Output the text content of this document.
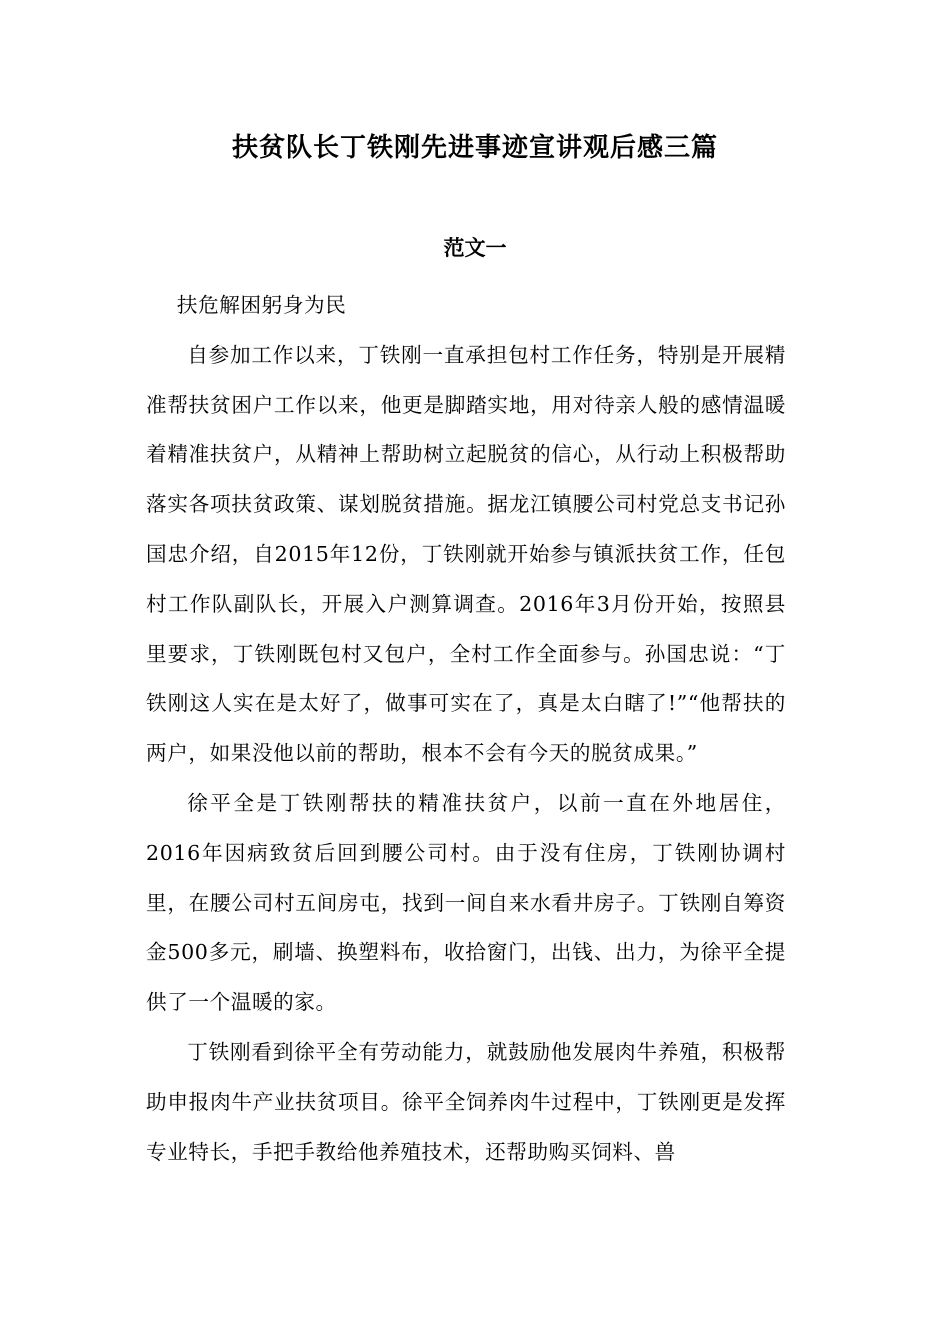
扶贫队长丁铁刚先进事迹宣讲观后感三篇
范文一

扶危解困躬身为民

自参加工作以来，丁铁刚一直承担包村工作任务，特别是开展精准帮扶贫困户工作以来，他更是脚踏实地，用对待亲人般的感情温暖着精准扶贫户，从精神上帮助树立起脱贫的信心，从行动上积极帮助落实各项扶贫政策、谋划脱贫措施。据龙江镇腰公司村党总支书记孙国忠介绍，自2015年12份，丁铁刚就开始参与镇派扶贫工作，任包村工作队副队长，开展入户测算调查。2016年3月份开始，按照县里要求，丁铁刚既包村又包户，全村工作全面参与。孙国忠说：“丁铁刚这人实在是太好了，做事可实在了，真是太白瞎了!”“他帮扶的两户，如果没他以前的帮助，根本不会有今天的脱贫成果。”

徐平全是丁铁刚帮扶的精准扶贫户，以前一直在外地居住，2016年因病致贫后回到腰公司村。由于没有住房，丁铁刚协调村里，在腰公司村五间房屯，找到一间自来水看井房子。丁铁刚自筹资金500多元，刷墙、换塑料布，收拾窗门，出钱、出力，为徐平全提供了一个温暖的家。

丁铁刚看到徐平全有劳动能力，就鼓励他发展肉牛养殖，积极帮助申报肉牛产业扶贫项目。徐平全饲养肉牛过程中，丁铁刚更是发挥专业特长，手把手教给他养殖技术，还帮助购买饲料、兽
